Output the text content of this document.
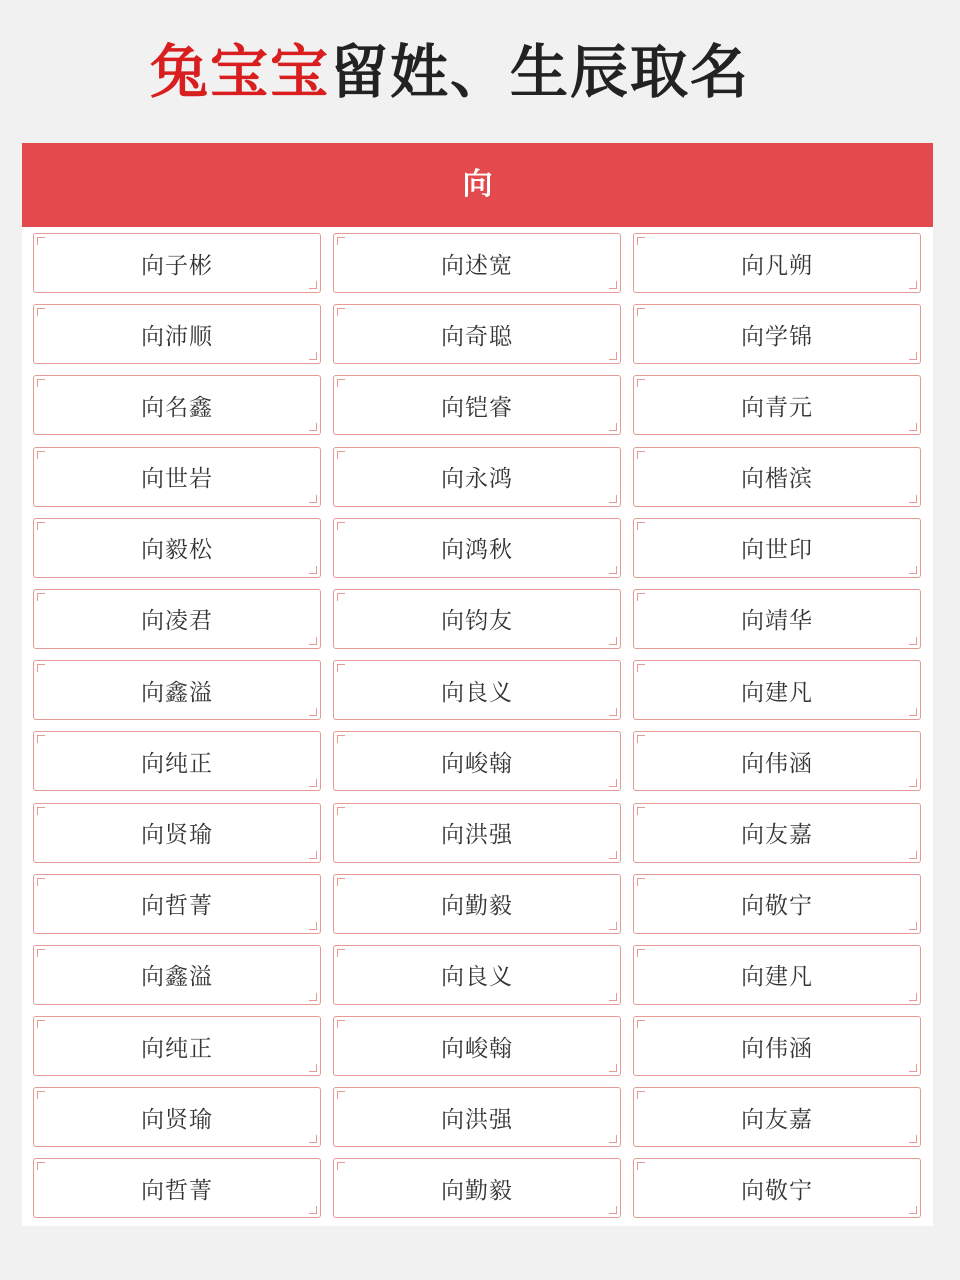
兔宝宝留姓、生辰取名
向
向子彬	向述宽	向凡朔
向沛顺	向奇聪	向学锦
向名鑫	向铠睿	向青元
向世岩	向永鸿	向楷滨
向毅松	向鸿秋	向世印
向凌君	向钧友	向靖华
向鑫溢	向良义	向建凡
向纯正	向峻翰	向伟涵
向贤瑜	向洪强	向友嘉
向哲菁	向勤毅	向敬宁
向鑫溢	向良义	向建凡
向纯正	向峻翰	向伟涵
向贤瑜	向洪强	向友嘉
向哲菁	向勤毅	向敬宁
